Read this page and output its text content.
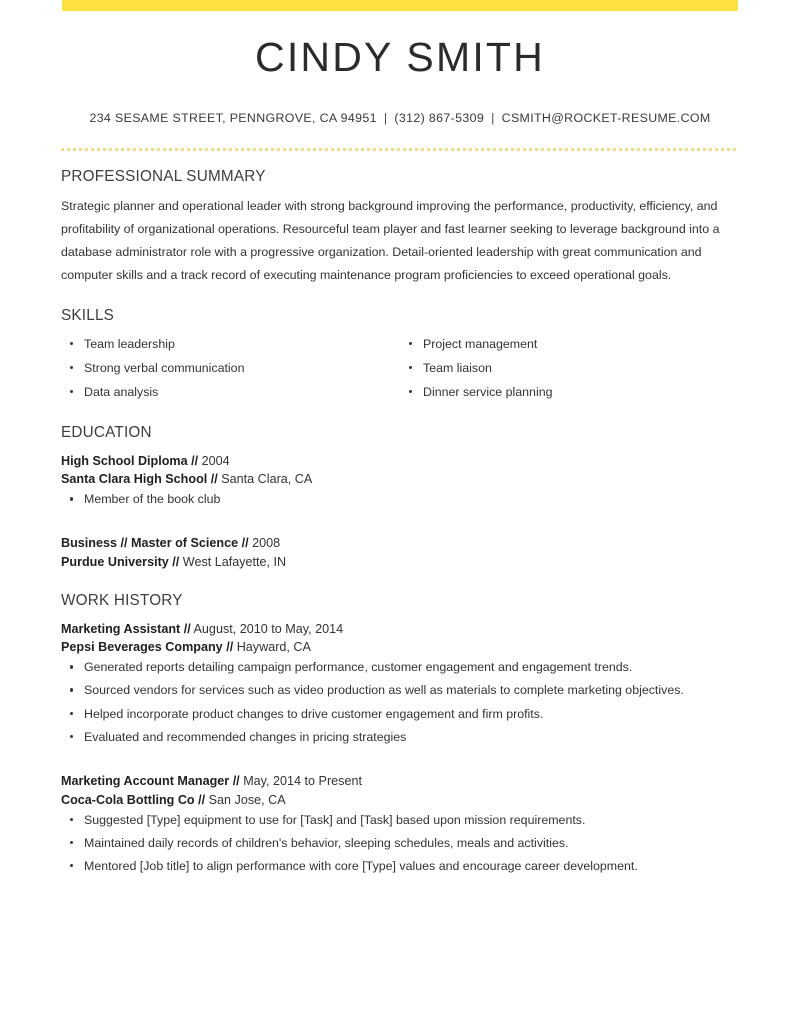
CINDY SMITH
234 SESAME STREET, PENNGROVE, CA 94951 | (312) 867-5309 | CSMITH@ROCKET-RESUME.COM
PROFESSIONAL SUMMARY

Strategic planner and operational leader with strong background improving the performance, productivity, efficiency, and profitability of organizational operations. Resourceful team player and fast learner seeking to leverage background into a database administrator role with a progressive organization. Detail-oriented leadership with great communication and computer skills and a track record of executing maintenance program proficiencies to exceed operational goals.

SKILLS
Team leadership
Strong verbal communication
Data analysis
Project management
Team liaison
Dinner service planning
EDUCATION
High School Diploma // 2004
Santa Clara High School // Santa Clara, CA
Member of the book club
Business // Master of Science // 2008
Purdue University // West Lafayette, IN
WORK HISTORY
Marketing Assistant // August, 2010 to May, 2014
Pepsi Beverages Company // Hayward, CA
Generated reports detailing campaign performance, customer engagement and engagement trends.
Sourced vendors for services such as video production as well as materials to complete marketing objectives.
Helped incorporate product changes to drive customer engagement and firm profits.
Evaluated and recommended changes in pricing strategies
Marketing Account Manager // May, 2014 to Present
Coca-Cola Bottling Co // San Jose, CA
Suggested [Type] equipment to use for [Task] and [Task] based upon mission requirements.
Maintained daily records of children's behavior, sleeping schedules, meals and activities.
Mentored [Job title] to align performance with core [Type] values and encourage career development.
